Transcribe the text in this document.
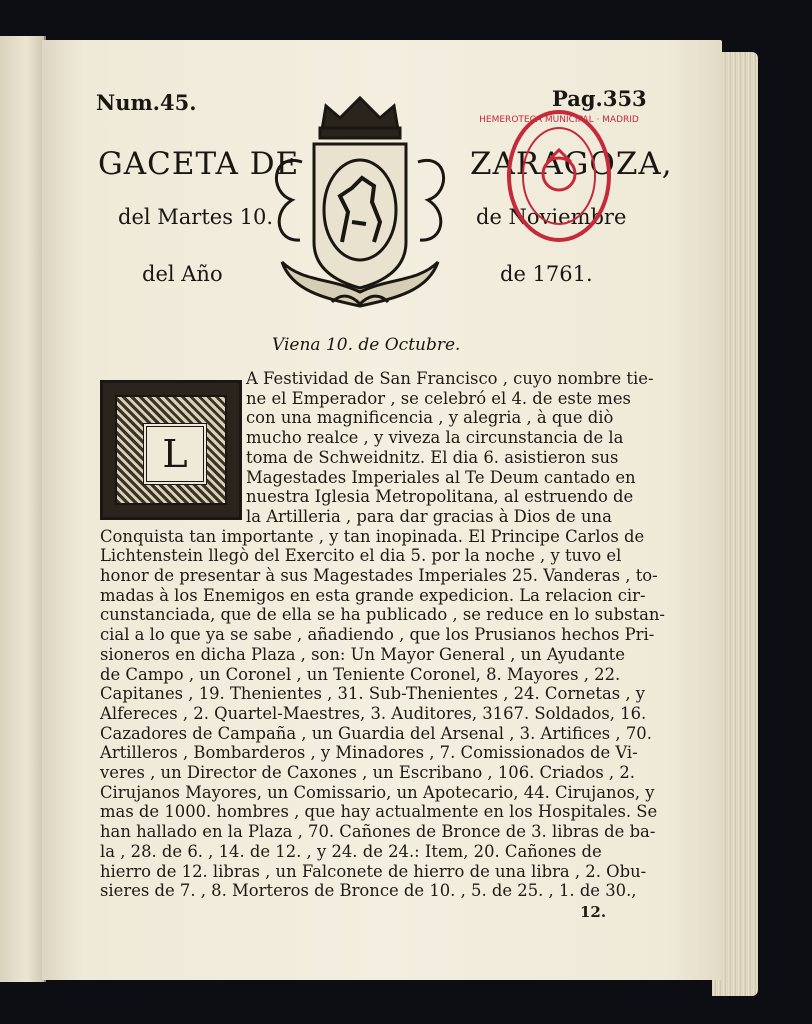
Num.45.	Pag.353
GACETA DE	ZARAGOZA,
del Martes 10.	de Noviembre
del Año	de 1761.
HEMEROTECA MUNICIPAL · MADRID
Viena 10. de Octubre.
L
A Festividad de San Francisco , cuyo nombre tie-
ne el Emperador , se celebró el 4. de este mes
con una magnificencia , y alegria , à que diò
mucho realce , y viveza la circunstancia de la
toma de Schweidnitz. El dia 6. asistieron sus
Magestades Imperiales al Te Deum cantado en
nuestra Iglesia Metropolitana, al estruendo de
la Artilleria , para dar gracias à Dios de una
Conquista tan importante , y tan inopinada. El Principe Carlos de
Lichtenstein llegò del Exercito el dia 5. por la noche , y tuvo el
honor de presentar à sus Magestades Imperiales 25. Vanderas , to-
madas à los Enemigos en esta grande expedicion. La relacion cir-
cunstanciada, que de ella se ha publicado , se reduce en lo substan-
cial a lo que ya se sabe , añadiendo , que los Prusianos hechos Pri-
sioneros en dicha Plaza , son: Un Mayor General , un Ayudante
de Campo , un Coronel , un Teniente Coronel, 8. Mayores , 22.
Capitanes , 19. Thenientes , 31. Sub-Thenientes , 24. Cornetas , y
Alfereces , 2. Quartel-Maestres, 3. Auditores, 3167. Soldados, 16.
Cazadores de Campaña , un Guardia del Arsenal , 3. Artifices , 70.
Artilleros , Bombarderos , y Minadores , 7. Comissionados de Vi-
veres , un Director de Caxones , un Escribano , 106. Criados , 2.
Cirujanos Mayores, un Comissario, un Apotecario, 44. Cirujanos, y
mas de 1000. hombres , que hay actualmente en los Hospitales. Se
han hallado en la Plaza , 70. Cañones de Bronce de 3. libras de ba-
la , 28. de 6. , 14. de 12. , y 24. de 24.: Item, 20. Cañones de
hierro de 12. libras , un Falconete de hierro de una libra , 2. Obu-
sieres de 7. , 8. Morteros de Bronce de 10. , 5. de 25. , 1. de 30.,
12.
